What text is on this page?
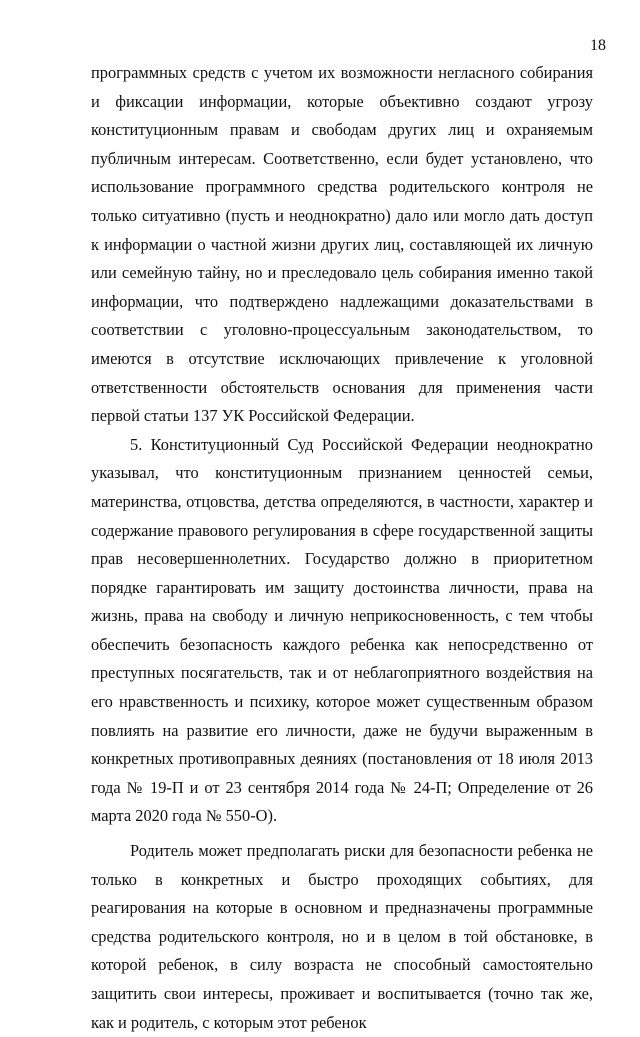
18

программных средств с учетом их возможности негласного собирания и фиксации информации, которые объективно создают угрозу конституционным правам и свободам других лиц и охраняемым публичным интересам. Соответственно, если будет установлено, что использование программного средства родительского контроля не только ситуативно (пусть и неоднократно) дало или могло дать доступ к информации о частной жизни других лиц, составляющей их личную или семейную тайну, но и преследовало цель собирания именно такой информации, что подтверждено надлежащими доказательствами в соответствии с уголовно-процессуальным законодательством, то имеются в отсутствие исключающих привлечение к уголовной ответственности обстоятельств основания для применения части первой статьи 137 УК Российской Федерации.

5. Конституционный Суд Российской Федерации неоднократно указывал, что конституционным признанием ценностей семьи, материнства, отцовства, детства определяются, в частности, характер и содержание правового регулирования в сфере государственной защиты прав несовершеннолетних. Государство должно в приоритетном порядке гарантировать им защиту достоинства личности, права на жизнь, права на свободу и личную неприкосновенность, с тем чтобы обеспечить безопасность каждого ребенка как непосредственно от преступных посягательств, так и от неблагоприятного воздействия на его нравственность и психику, которое может существенным образом повлиять на развитие его личности, даже не будучи выраженным в конкретных противоправных деяниях (постановления от 18 июля 2013 года № 19-П и от 23 сентября 2014 года № 24-П; Определение от 26 марта 2020 года № 550-О).

Родитель может предполагать риски для безопасности ребенка не только в конкретных и быстро проходящих событиях, для реагирования на которые в основном и предназначены программные средства родительского контроля, но и в целом в той обстановке, в которой ребенок, в силу возраста не способный самостоятельно защитить свои интересы, проживает и воспитывается (точно так же, как и родитель, с которым этот ребенок
